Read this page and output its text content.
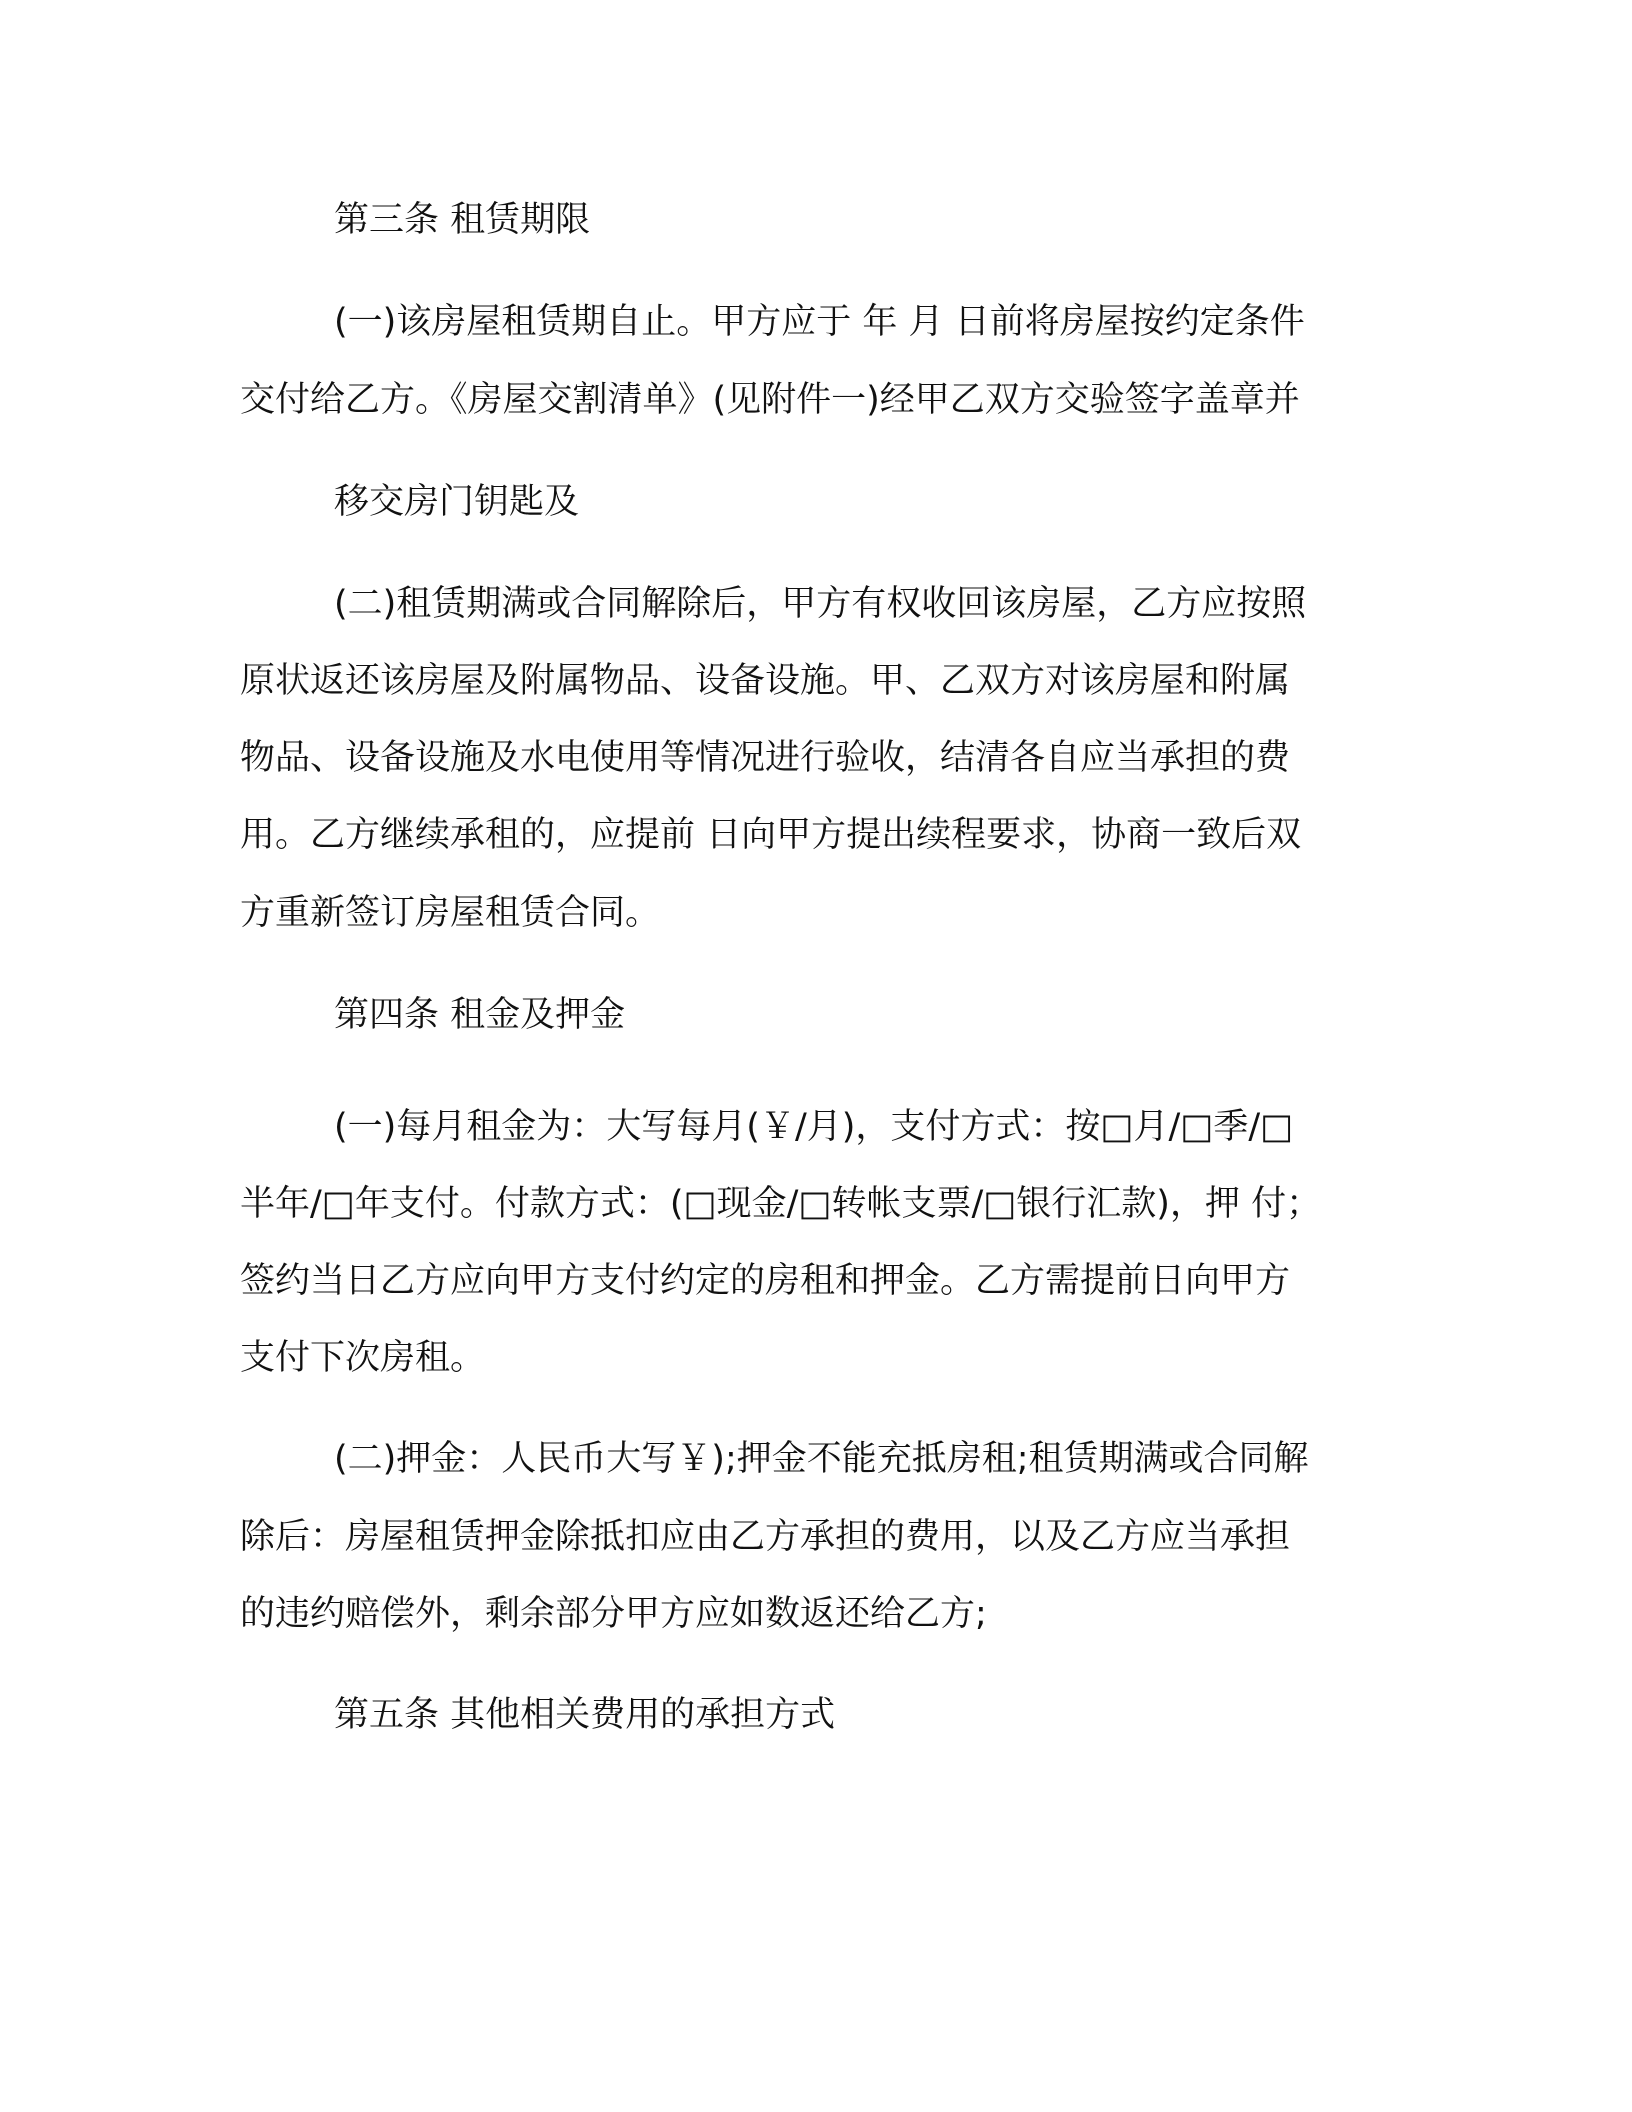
第三条 租赁期限
(一)该房屋租赁期自止。甲方应于 年 月 日前将房屋按约定条件
交付给乙方。《房屋交割清单》(见附件一)经甲乙双方交验签字盖章并
移交房门钥匙及
(二)租赁期满或合同解除后，甲方有权收回该房屋，乙方应按照
原状返还该房屋及附属物品、设备设施。甲、乙双方对该房屋和附属
物品、设备设施及水电使用等情况进行验收，结清各自应当承担的费
用。乙方继续承租的，应提前 日向甲方提出续程要求，协商一致后双
方重新签订房屋租赁合同。
第四条 租金及押金
(一)每月租金为：大写每月(￥/月)，支付方式：按□月/□季/□
半年/□年支付。付款方式：(□现金/□转帐支票/□银行汇款)，押 付；
签约当日乙方应向甲方支付约定的房租和押金。乙方需提前日向甲方
支付下次房租。
(二)押金：人民币大写￥);押金不能充抵房租;租赁期满或合同解
除后：房屋租赁押金除抵扣应由乙方承担的费用，以及乙方应当承担
的违约赔偿外，剩余部分甲方应如数返还给乙方;
第五条 其他相关费用的承担方式
